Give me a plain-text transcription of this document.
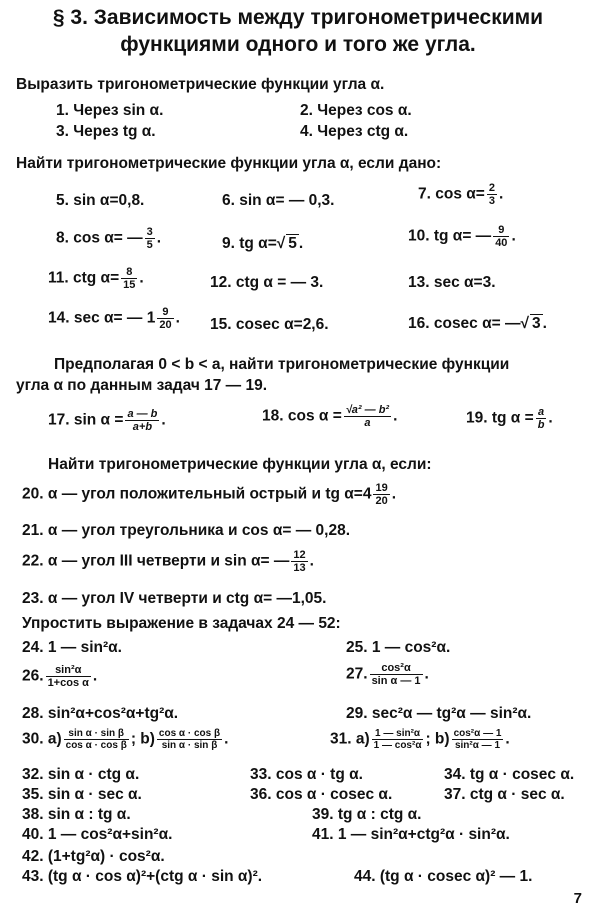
§ 3. Зависимость между тригонометрическими
функциями одного и того же угла.
Выразить тригонометрические функции угла α.
1. Через sin α.	2. Через cos α.
3. Через tg α.	4. Через ctg α.
Найти тригонометрические функции угла α, если дано:
5. sin α=0,8.	6. sin α= — 0,3.	7. $\cos \alpha= \frac{2}{3}$ .
8. cos α= — $\frac{3}{5}$ .	9. tg α=√ 5 .	10. tg α= — $\frac{9}{40}$ .
11. ctg $\alpha= \frac{8}{15}$ .	12. ctg α = — 3.	13. sec α=3.
14. sec α= — $1 \frac{9}{20}$ . 15. cosec α=2,6.	16. cosec α= —√ 3 .
Предполагая 0 < b < a, найти тригонометрические функции
угла α по данным задач 17 — 19.
17. $\sin \alpha = \frac{a — b}{a+b}$ .	18. $\cos \alpha = \frac{\text{√a² — b²}}{a}$ .	19. tg $\alpha = \frac{a}{b}$ .
Найти тригонометрические функции угла α, если:
20. α — угол положительный острый и tg $\alpha=4 \frac{19}{20}$ .
21. α — угол треугольника и cos α= — 0,28.
22. α — угол III четверти и sin α= — $\frac{12}{13}$ .
23. α — угол IV четверти и ctg α= —1,05.
Упростить выражение в задачах 24 — 52:
24. 1 — sin²α.	25. 1 — cos²α.
26. $\frac{\text{sin²α}}{\text{1+cos α}}$ .	27. $\frac{\text{cos²α}}{\text{sin α — 1}}$ .
28. sin²α+cos²α+tg²α.	29. sec²α — tg²α — sin²α.
30. $a) \frac{\text{sin α · sin β}}{\text{cos α · cos β}}$ ; $b) \frac{\text{cos α · cos β}}{\text{sin α · sin β}}$ .	31. $a) \frac{\text{1 — sin²α}}{\text{1 — cos²α}}$ ; $b) \frac{\text{cos²α — 1}}{\text{sin²α — 1}}$ .
32. sin α · ctg α.	33. cos α · tg α.	34. tg α · cosec α.
35. sin α · sec α.	36. cos α · cosec α.	37. ctg α · sec α.
38. sin α : tg α.	39. tg α : ctg α.
40. 1 — cos²α+sin²α.	41. 1 — sin²α+ctg²α · sin²α.
42. (1+tg²α) · cos²α.
43. (tg α · cos α)²+(ctg α · sin α)².	44. (tg α · cosec α)² — 1.
7
